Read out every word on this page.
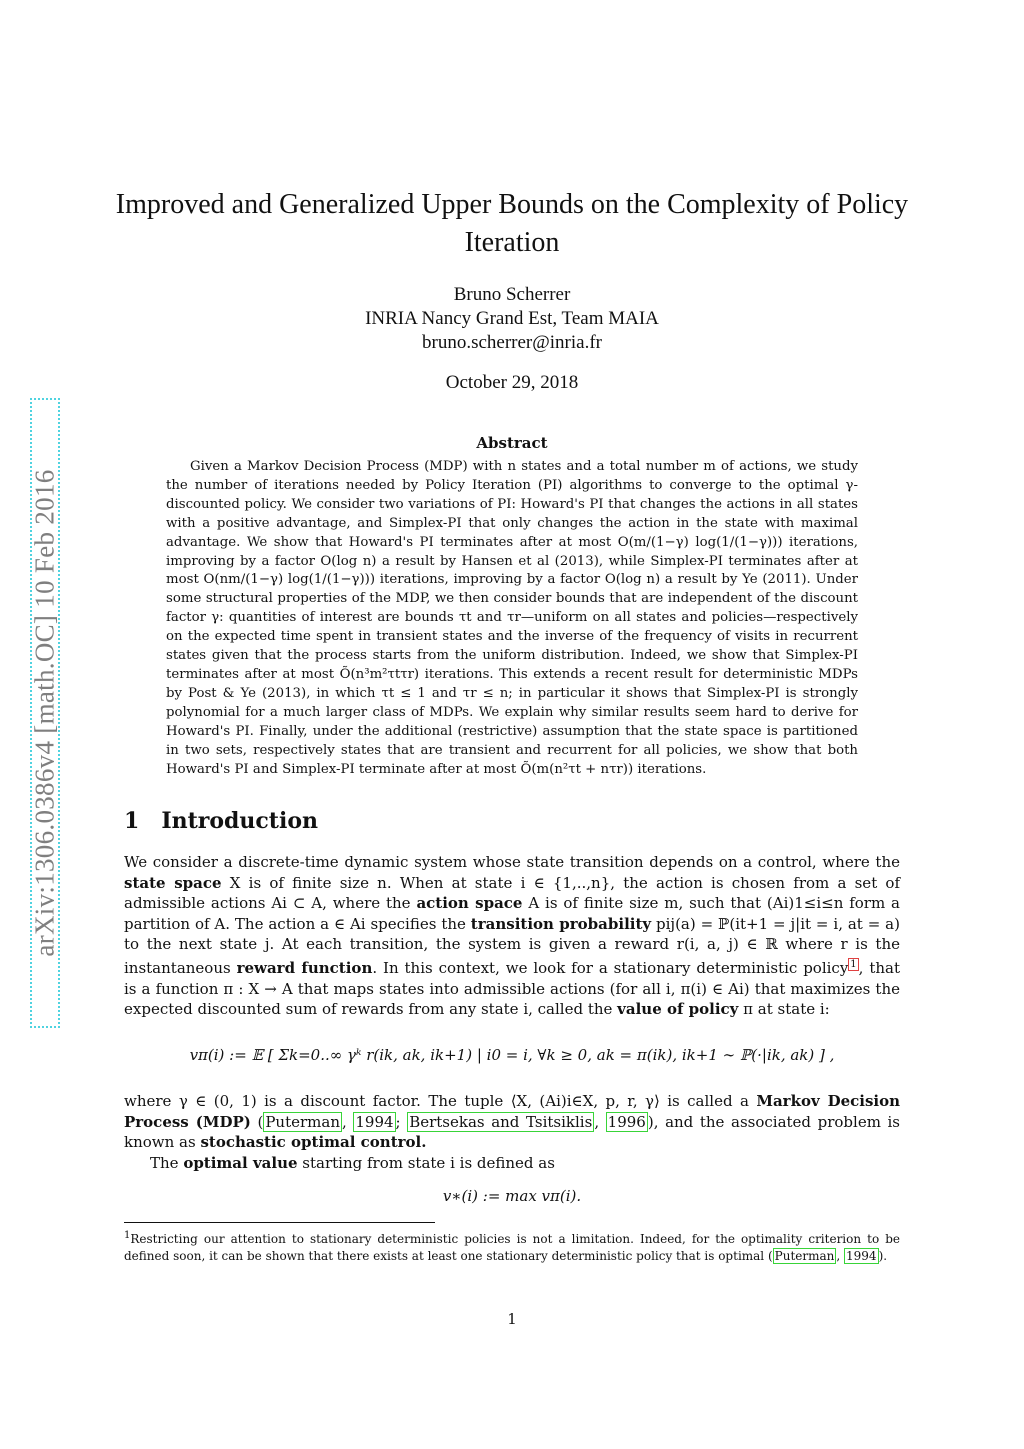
arXiv:1306.0386v4 [math.OC] 10 Feb 2016
Improved and Generalized Upper Bounds on the Complexity of Policy Iteration
Bruno Scherrer
INRIA Nancy Grand Est, Team MAIA
bruno.scherrer@inria.fr
October 29, 2018
Abstract
Given a Markov Decision Process (MDP) with n states and a total number m of actions, we study the number of iterations needed by Policy Iteration (PI) algorithms to converge to the optimal γ-discounted policy. We consider two variations of PI: Howard's PI that changes the actions in all states with a positive advantage, and Simplex-PI that only changes the action in the state with maximal advantage. We show that Howard's PI terminates after at most O(m/(1−γ) log(1/(1−γ))) iterations, improving by a factor O(log n) a result by Hansen et al (2013), while Simplex-PI terminates after at most O(nm/(1−γ) log(1/(1−γ))) iterations, improving by a factor O(log n) a result by Ye (2011). Under some structural properties of the MDP, we then consider bounds that are independent of the discount factor γ: quantities of interest are bounds τt and τr—uniform on all states and policies—respectively on the expected time spent in transient states and the inverse of the frequency of visits in recurrent states given that the process starts from the uniform distribution. Indeed, we show that Simplex-PI terminates after at most Õ(n³m²τtτr) iterations. This extends a recent result for deterministic MDPs by Post & Ye (2013), in which τt ≤ 1 and τr ≤ n; in particular it shows that Simplex-PI is strongly polynomial for a much larger class of MDPs. We explain why similar results seem hard to derive for Howard's PI. Finally, under the additional (restrictive) assumption that the state space is partitioned in two sets, respectively states that are transient and recurrent for all policies, we show that both Howard's PI and Simplex-PI terminate after at most Õ(m(n²τt + nτr)) iterations.
1 Introduction
We consider a discrete-time dynamic system whose state transition depends on a control, where the state space X is of finite size n. When at state i ∈ {1,..,n}, the action is chosen from a set of admissible actions Ai ⊂ A, where the action space A is of finite size m, such that (Ai)1≤i≤n form a partition of A. The action a ∈ Ai specifies the transition probability pij(a) = ℙ(it+1 = j|it = i, at = a) to the next state j. At each transition, the system is given a reward r(i, a, j) ∈ ℝ where r is the instantaneous reward function. In this context, we look for a stationary deterministic policy $^1$ , that is a function π : X → A that maps states into admissible actions (for all i, π(i) ∈ Ai) that maximizes the expected discounted sum of rewards from any state i, called the value of policy π at state i:
vπ(i) := 𝔼 [ Σk=0..∞ γᵏ r(ik, ak, ik+1) | i0 = i, ∀k ≥ 0, ak = π(ik), ik+1 ∼ ℙ(·|ik, ak) ] ,
where γ ∈ (0, 1) is a discount factor. The tuple ⟨X, (Ai)i∈X, p, r, γ⟩ is called a Markov Decision Process (MDP) ( Puterman , 1994 ; Bertsekas and Tsitsiklis , 1996 ), and the associated problem is known as stochastic optimal control.
The optimal value starting from state i is defined as
v∗(i) := max vπ(i).
$^1$Restricting our attention to stationary deterministic policies is not a limitation. Indeed, for the optimality criterion to be defined soon, it can be shown that there exists at least one stationary deterministic policy that is optimal ( Puterman , 1994 ).
1
